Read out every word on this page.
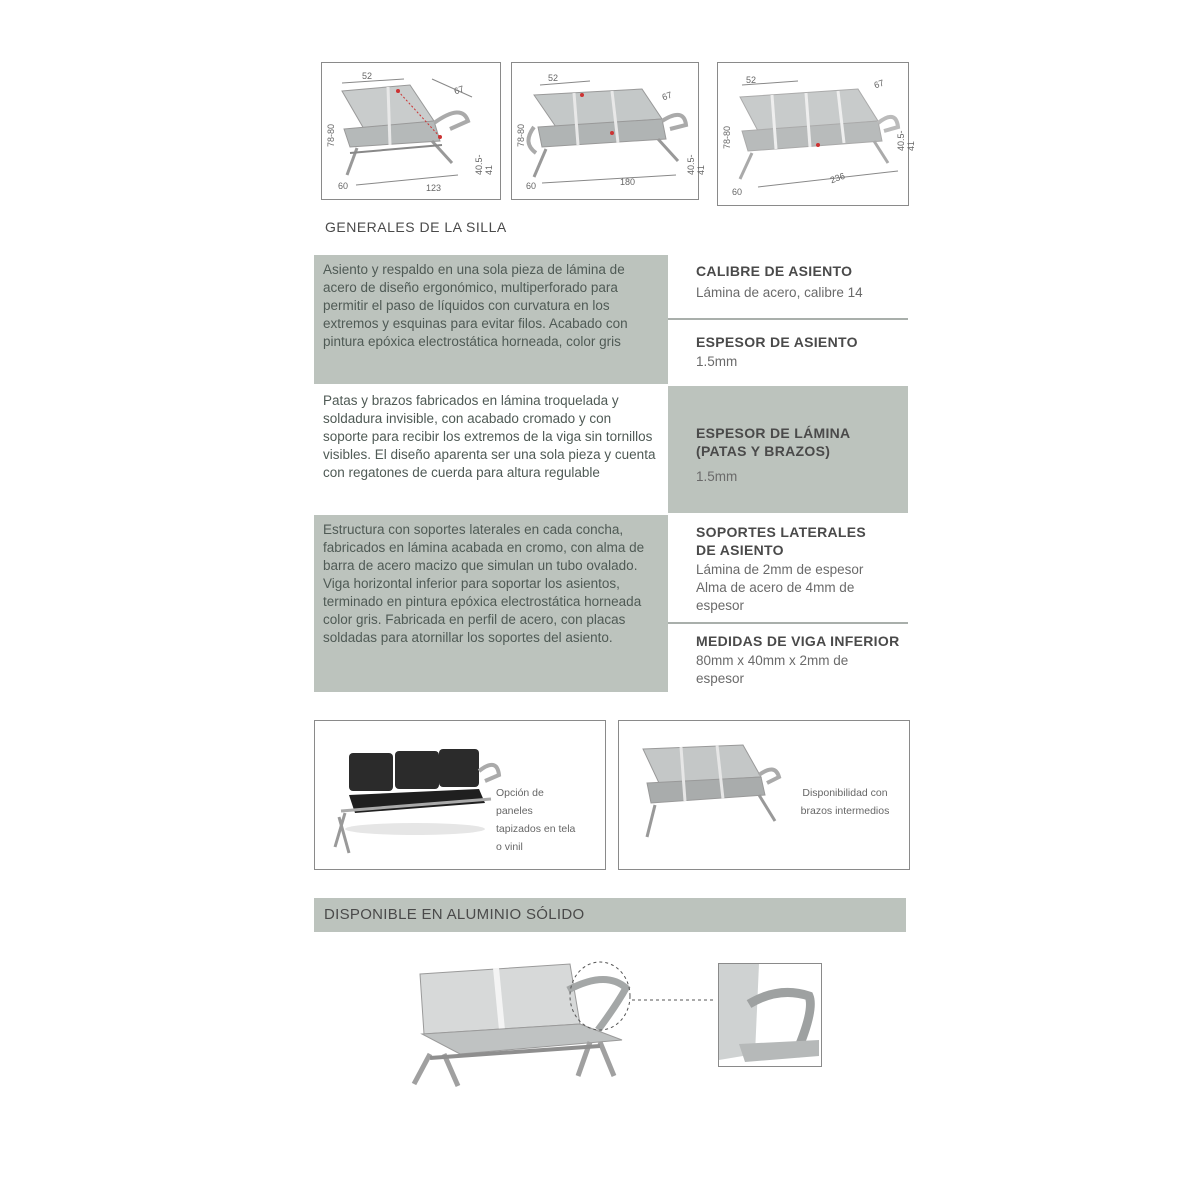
52
67
78-80
40.5-41
60	123
52
67
78-80
40.5-41
60	180
52	67
78-80	40.5-41
60
236
GENERALES DE LA SILLA
Asiento y respaldo en una sola pieza de lámina de acero de diseño ergonómico, multiperforado para permitir el paso de líquidos con curvatura en los extremos y esquinas para evitar filos. Acabado con pintura epóxica electrostática horneada, color gris
Patas y brazos fabricados en lámina troquelada y soldadura invisible, con acabado cromado y con soporte para recibir los extremos de la viga sin tornillos visibles. El diseño aparenta ser una sola pieza y cuenta con regatones de cuerda para altura regulable
Estructura con soportes laterales en cada concha, fabricados en lámina acabada en cromo, con alma de barra de acero macizo que simulan un tubo ovalado.
Viga horizontal inferior para soportar los asientos, terminado en pintura epóxica electrostática horneada color gris. Fabricada en perfil de acero, con placas soldadas para atornillar los soportes del asiento.
CALIBRE DE ASIENTO
Lámina de acero, calibre 14
ESPESOR DE ASIENTO
1.5mm
ESPESOR DE LÁMINA
(PATAS Y BRAZOS)
1.5mm
SOPORTES LATERALES
DE ASIENTO
Lámina de 2mm de espesor
Alma de acero de 4mm de espesor
MEDIDAS DE VIGA INFERIOR
80mm x 40mm x 2mm de espesor
Opción de paneles tapizados en tela o vinil
Disponibilidad con brazos intermedios
DISPONIBLE EN ALUMINIO SÓLIDO
